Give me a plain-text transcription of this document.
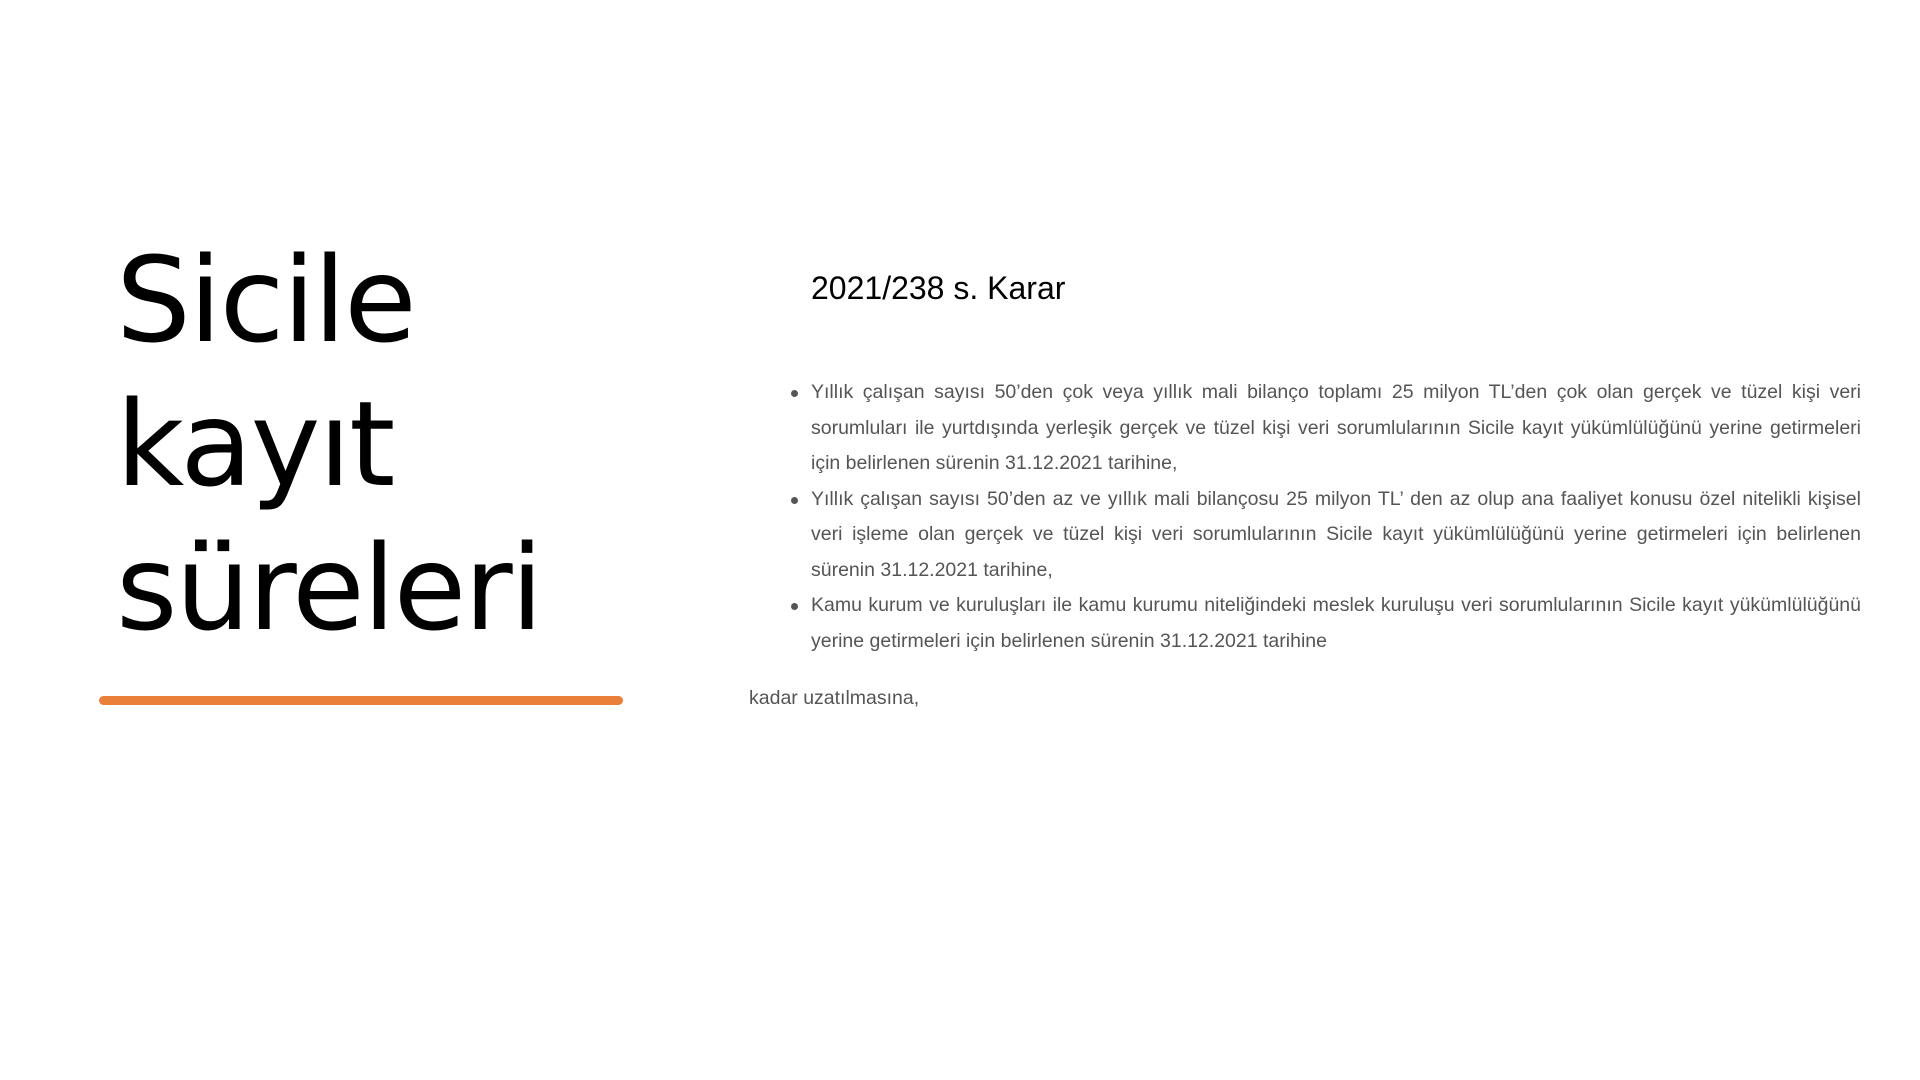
Sicile
kayıt
süreleri
2021/238 s. Karar
Yıllık çalışan sayısı 50’den çok veya yıllık mali bilanço toplamı 25 milyon TL’den çok olan gerçek ve tüzel kişi veri sorumluları ile yurtdışında yerleşik gerçek ve tüzel kişi veri sorumlularının Sicile kayıt yükümlülüğünü yerine getirmeleri için belirlenen sürenin 31.12.2021 tarihine,
Yıllık çalışan sayısı 50’den az ve yıllık mali bilançosu 25 milyon TL’ den az olup ana faaliyet konusu özel nitelikli kişisel veri işleme olan gerçek ve tüzel kişi veri sorumlularının Sicile kayıt yükümlülüğünü yerine getirmeleri için belirlenen sürenin 31.12.2021 tarihine,
Kamu kurum ve kuruluşları ile kamu kurumu niteliğindeki meslek kuruluşu veri sorumlularının Sicile kayıt yükümlülüğünü yerine getirmeleri için belirlenen sürenin 31.12.2021 tarihine

kadar uzatılmasına,
